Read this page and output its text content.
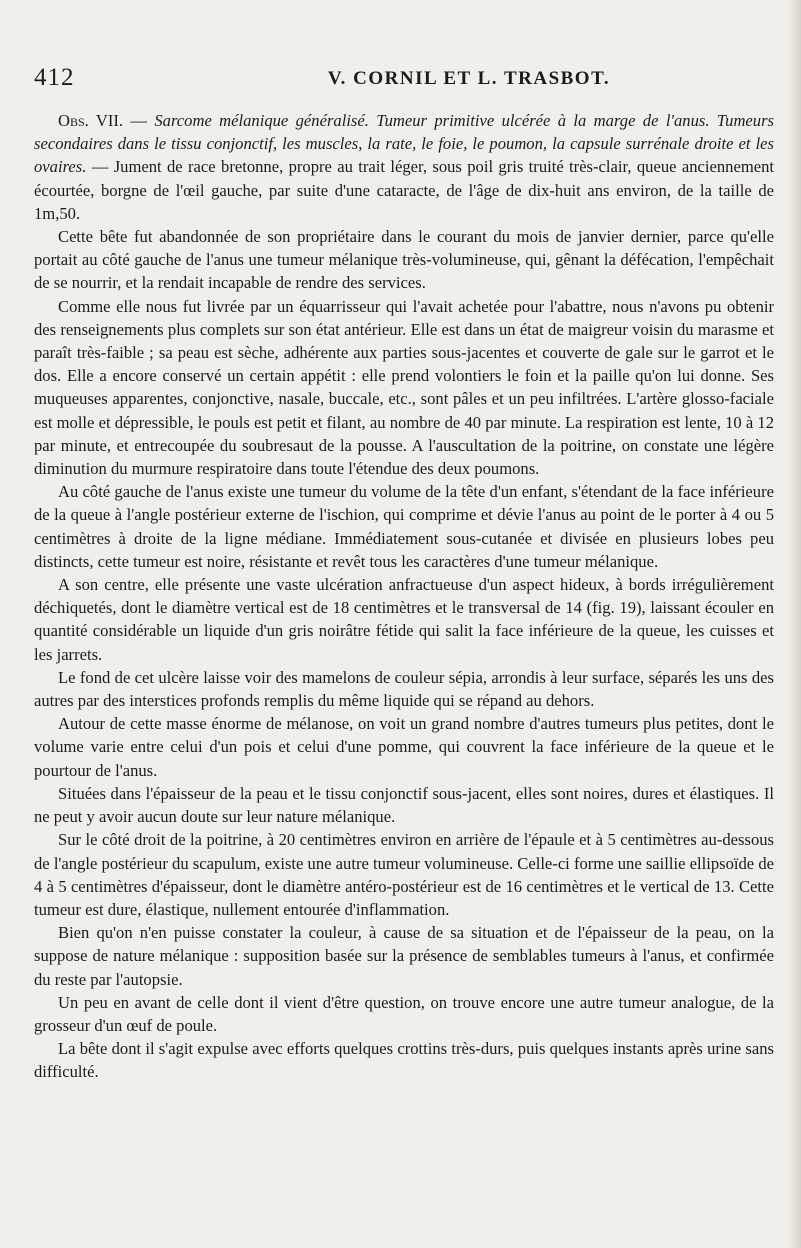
412	V. CORNIL ET L. TRASBOT.

Obs. VII. — Sarcome mélanique généralisé. Tumeur primitive ulcérée à la marge de l'anus. Tumeurs secondaires dans le tissu conjonctif, les muscles, la rate, le foie, le poumon, la capsule surrénale droite et les ovaires. — Jument de race bretonne, propre au trait léger, sous poil gris truité très-clair, queue anciennement écourtée, borgne de l'œil gauche, par suite d'une cataracte, de l'âge de dix-huit ans environ, de la taille de 1m,50.

Cette bête fut abandonnée de son propriétaire dans le courant du mois de janvier dernier, parce qu'elle portait au côté gauche de l'anus une tumeur mélanique très-volumineuse, qui, gênant la défécation, l'empêchait de se nourrir, et la rendait incapable de rendre des services.

Comme elle nous fut livrée par un équarrisseur qui l'avait achetée pour l'abattre, nous n'avons pu obtenir des renseignements plus complets sur son état antérieur. Elle est dans un état de maigreur voisin du marasme et paraît très-faible ; sa peau est sèche, adhérente aux parties sous-jacentes et couverte de gale sur le garrot et le dos. Elle a encore conservé un certain appétit : elle prend volontiers le foin et la paille qu'on lui donne. Ses muqueuses apparentes, conjonctive, nasale, buccale, etc., sont pâles et un peu infiltrées. L'artère glosso-faciale est molle et dépressible, le pouls est petit et filant, au nombre de 40 par minute. La respiration est lente, 10 à 12 par minute, et entrecoupée du soubresaut de la pousse. A l'auscultation de la poitrine, on constate une légère diminution du murmure respiratoire dans toute l'étendue des deux poumons.

Au côté gauche de l'anus existe une tumeur du volume de la tête d'un enfant, s'étendant de la face inférieure de la queue à l'angle postérieur externe de l'ischion, qui comprime et dévie l'anus au point de le porter à 4 ou 5 centimètres à droite de la ligne médiane. Immédiatement sous-cutanée et divisée en plusieurs lobes peu distincts, cette tumeur est noire, résistante et revêt tous les caractères d'une tumeur mélanique.

A son centre, elle présente une vaste ulcération anfractueuse d'un aspect hideux, à bords irrégulièrement déchiquetés, dont le diamètre vertical est de 18 centimètres et le transversal de 14 (fig. 19), laissant écouler en quantité considérable un liquide d'un gris noirâtre fétide qui salit la face inférieure de la queue, les cuisses et les jarrets.

Le fond de cet ulcère laisse voir des mamelons de couleur sépia, arrondis à leur surface, séparés les uns des autres par des interstices profonds remplis du même liquide qui se répand au dehors.

Autour de cette masse énorme de mélanose, on voit un grand nombre d'autres tumeurs plus petites, dont le volume varie entre celui d'un pois et celui d'une pomme, qui couvrent la face inférieure de la queue et le pourtour de l'anus.

Situées dans l'épaisseur de la peau et le tissu conjonctif sous-jacent, elles sont noires, dures et élastiques. Il ne peut y avoir aucun doute sur leur nature mélanique.

Sur le côté droit de la poitrine, à 20 centimètres environ en arrière de l'épaule et à 5 centimètres au-dessous de l'angle postérieur du scapulum, existe une autre tumeur volumineuse. Celle-ci forme une saillie ellipsoïde de 4 à 5 centimètres d'épaisseur, dont le diamètre antéro-postérieur est de 16 centimètres et le vertical de 13. Cette tumeur est dure, élastique, nullement entourée d'inflammation.

Bien qu'on n'en puisse constater la couleur, à cause de sa situation et de l'épaisseur de la peau, on la suppose de nature mélanique : supposition basée sur la présence de semblables tumeurs à l'anus, et confirmée du reste par l'autopsie.

Un peu en avant de celle dont il vient d'être question, on trouve encore une autre tumeur analogue, de la grosseur d'un œuf de poule.

La bête dont il s'agit expulse avec efforts quelques crottins très-durs, puis quelques instants après urine sans difficulté.
